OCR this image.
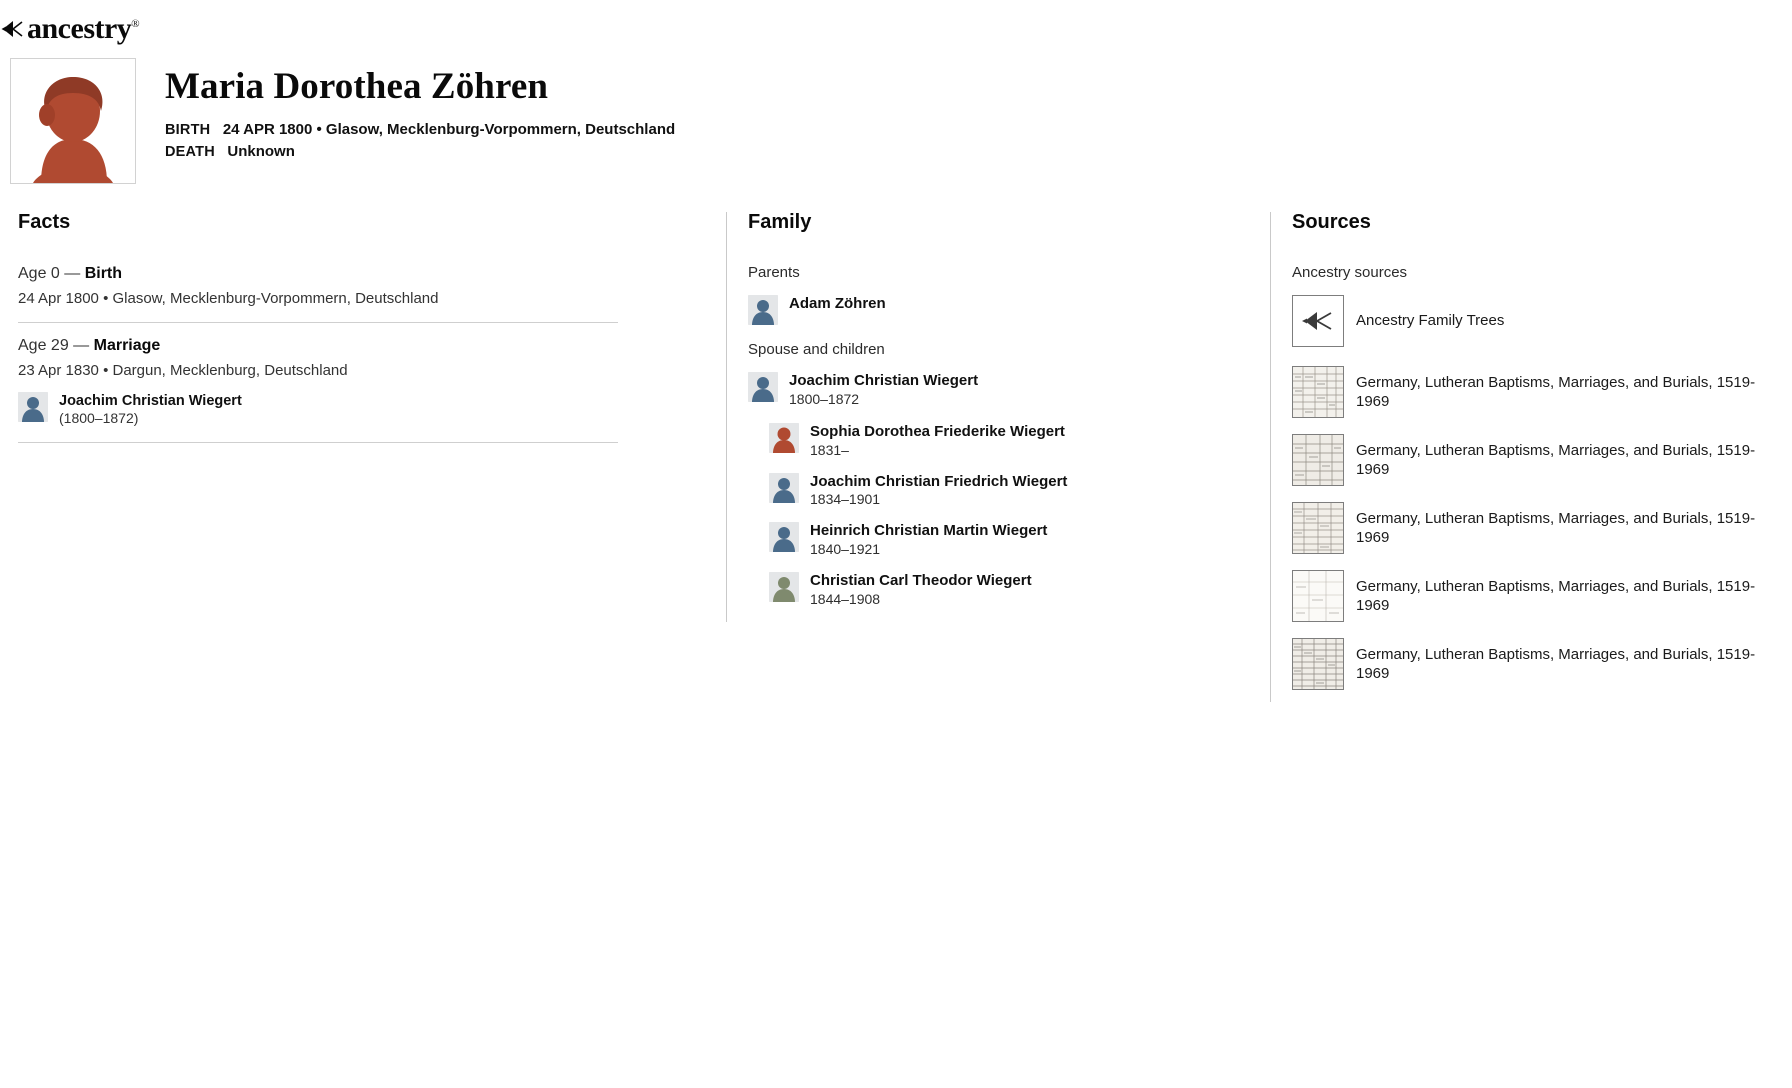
ancestry®
Maria Dorothea Zöhren
BIRTH 24 APR 1800 • Glasow, Mecklenburg-Vorpommern, Deutschland
DEATH Unknown
Facts
Age 0 — Birth
24 Apr 1800 • Glasow, Mecklenburg-Vorpommern, Deutschland
Age 29 — Marriage
23 Apr 1830 • Dargun, Mecklenburg, Deutschland
Joachim Christian Wiegert
(1800–1872)
Family
Parents
Adam Zöhren
Spouse and children
Joachim Christian Wiegert
1800–1872
Sophia Dorothea Friederike Wiegert
1831–
Joachim Christian Friedrich Wiegert
1834–1901
Heinrich Christian Martin Wiegert
1840–1921
Christian Carl Theodor Wiegert
1844–1908
Sources
Ancestry sources
Ancestry Family Trees
Germany, Lutheran Baptisms, Marriages, and Burials, 1519-1969
Germany, Lutheran Baptisms, Marriages, and Burials, 1519-1969
Germany, Lutheran Baptisms, Marriages, and Burials, 1519-1969
Germany, Lutheran Baptisms, Marriages, and Burials, 1519-1969
Germany, Lutheran Baptisms, Marriages, and Burials, 1519-1969
